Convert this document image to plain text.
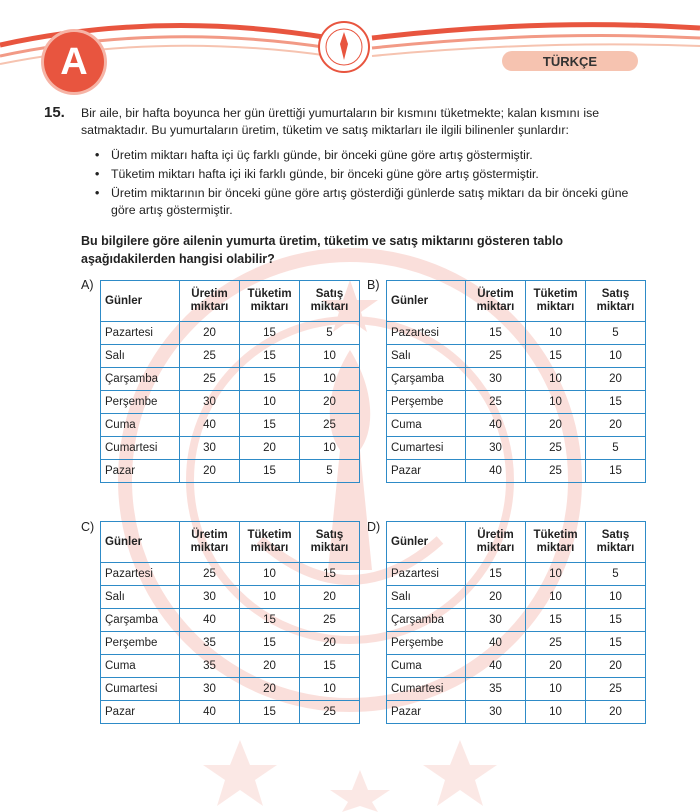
A	TÜRKÇE
15. Bir aile, bir hafta boyunca her gün ürettiği yumurtaların bir kısmını tüketmekte; kalan kısmını ise satmaktadır. Bu yumurtaların üretim, tüketim ve satış miktarları ile ilgili bilinenler şunlardır:
• Üretim miktarı hafta içi üç farklı günde, bir önceki güne göre artış göstermiştir.
• Tüketim miktarı hafta içi iki farklı günde, bir önceki güne göre artış göstermiştir.
• Üretim miktarının bir önceki güne göre artış gösterdiği günlerde satış miktarı da bir önceki güne göre artış göstermiştir.
Bu bilgilere göre ailenin yumurta üretim, tüketim ve satış miktarını gösteren tablo aşağıdakilerden hangisi olabilir?
A)
Günler	Üretim miktarı	Tüketim miktarı	Satış miktarı
Pazartesi	20	15	5
Salı	25	15	10
Çarşamba	25	15	10
Perşembe	30	10	20
Cuma	40	15	25
Cumartesi	30	20	10
Pazar	20	15	5
B)
Günler	Üretim miktarı	Tüketim miktarı	Satış miktarı
Pazartesi	15	10	5
Salı	25	15	10
Çarşamba	30	10	20
Perşembe	25	10	15
Cuma	40	20	20
Cumartesi	30	25	5
Pazar	40	25	15
C)
Günler	Üretim miktarı	Tüketim miktarı	Satış miktarı
Pazartesi	25	10	15
Salı	30	10	20
Çarşamba	40	15	25
Perşembe	35	15	20
Cuma	35	20	15
Cumartesi	30	20	10
Pazar	40	15	25
D)
Günler	Üretim miktarı	Tüketim miktarı	Satış miktarı
Pazartesi	15	10	5
Salı	20	10	10
Çarşamba	30	15	15
Perşembe	40	25	15
Cuma	40	20	20
Cumartesi	35	10	25
Pazar	30	10	20
